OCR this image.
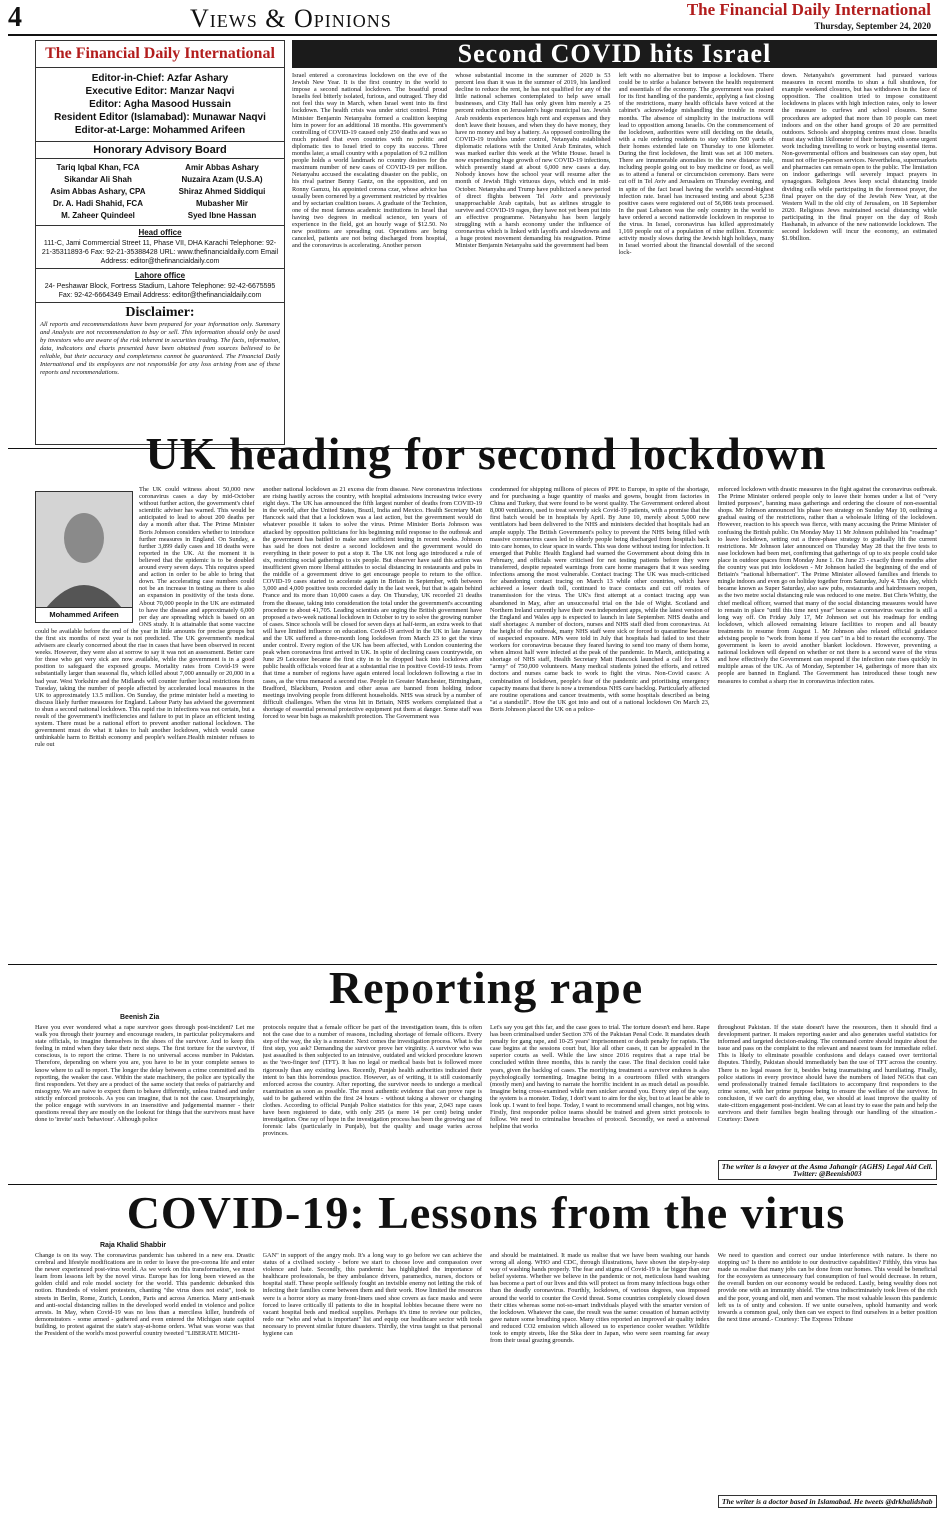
4	Views & Opinions	The Financial Daily International
Thursday, September 24, 2020
The Financial Daily International
Editor-in-Chief: Azfar Ashary
Executive Editor: Manzar Naqvi
Editor: Agha Masood Hussain
Resident Editor (Islamabad): Munawar Naqvi
Editor-at-Large: Mohammed Arifeen
Honorary Advisory Board
Tariq Iqbal Khan, FCA	Amir Abbas Ashary
Sikandar Ali Shah	Nuzaira Azam (U.S.A)
Asim Abbas Ashary, CPA	Shiraz Ahmed Siddiqui
Dr. A. Hadi Shahid, FCA	Mubasher Mir
M. Zaheer Quindeel	Syed Ibne Hassan
Head office
111-C, Jami Commercial Street 11, Phase VII, DHA Karachi Telephone: 92-21-35311893-6 Fax: 92-21-35388428 URL: www.thefinancialdaily.com Email Address: editor@thefinancialdaily.com
Lahore office
24- Peshawar Block, Fortress Stadium, Lahore Telephone: 92-42-6675595 Fax: 92-42-6664349 Email Address: editor@thefinancialdaily.com
Disclaimer:
All reports and recommendations have been prepared for your information only. Summary and Analysis are not recommendation to buy or sell. This information should only be used by investors who are aware of the risk inherent in securities trading. The facts, information, data, indicators and charts presented have been obtained from sources believed to be reliable, but their accuracy and completeness cannot be guaranteed. The Financial Daily International and its employees are not responsible for any loss arising from use of these reports and recommendations.
Second COVID hits Israel
Israel entered a coronavirus lockdown on the eve of the Jewish New Year. It is the first country in the world to impose a second national lockdown. The boastful proud Israelis feel bitterly isolated, furious, and outraged. They did not feel this way in March, when Israel went into its first lockdown. The health crisis was under strict control. Prime Minister Benjamin Netanyahu formed a coalition keeping him in power for an additional 18 months. His government's controlling of COVID-19 caused only 250 deaths and was so much praised that even countries with no politic and diplomatic ties to Israel tried to copy its success. Three months later, a small country with a population of 9.2 million people holds a world landmark no country desires for the maximum number of new cases of COVID-19 per million. Netanyahu accused the escalating disaster on the public, on his rival partner Benny Gantz, on the opposition, and on Ronny Gamzu, his appointed corona czar, whose advice has usually been cornered by a government restricted by rivalries and by sectarian coalition issues. A graduate of the Technion, one of the most famous academic institutions in Israel that having two degrees in medical science, ten years of experience in the field, got an hourly wage of $12.50. No new positions are spreading out. Operations are being canceled, patients are not being discharged from hospital, and the coronavirus is accelerating. Another person
whose substantial income in the summer of 2020 is 53 percent less than it was in the summer of 2019, his landlord decline to reduce the rent, he has not qualified for any of the little national schemes contemplated to help save small businesses, and City Hall has only given him merely a 25 percent reduction on Jerusalem's huge municipal tax. Jewish Arab residents experiences high rent and expenses and they don't leave their houses, and when they do have money, they have no money and buy a battery. As opposed controlling the COVID-19 troubles under control, Netanyahu established diplomatic relations with the United Arab Emirates, which was marked earlier this week at the White House. Israel is now experiencing huge growth of new COVID-19 infections, which presently stand at about 6,000 new cases a day. Nobody knows how the school year will resume after the month of Jewish High virtuous days, which end in mid-October. Netanyahu and Trump have publicized a new period of direct flights between Tel Aviv and previously unapproachable Arab capitals, but as airlines struggle to survive and COVID-19 rages, they have not yet been put into an effective programme. Netanyahu has been largely struggling with a harsh economy under the influence of coronavirus which is linked with layoffs and slowdowns and a huge protest movement demanding his resignation. Prime Minister Benjamin Netanyahu said the government had been
left with no alternative but to impose a lockdown. There could be to strike a balance between the health requirement and essentials of the economy. The government was praised for its first handling of the pandemic, applying a fast closing of the restrictions, many health officials have voiced at the cabinet's acknowledge mishandling the trouble in recent months. The absence of simplicity in the instructions will lead to opposition among Israelis. On the commencement of the lockdown, authorities were still deciding on the details, with a rule ordering residents to stay within 500 yards of their homes extended late on Thursday to one kilometer. During the first lockdown, the limit was set at 100 meters. There are innumerable anomalies to the new distance rule, including people going out to buy medicine or food, as well as to attend a funeral or circumcision ceremony. Bars were cut off in Tel Aviv and Jerusalem on Thursday evening, and in spite of the fact Israel having the world's second-highest infection rate. Israel has increased testing and about 5,238 positive cases were registered out of 56,986 tests processed. In the past Lebanon was the only country in the world to have ordered a second nationwide lockdown in response to the virus. In Israel, coronavirus has killed approximately 1,169 people out of a population of nine million. Economic activity mostly slows during the Jewish high holidays, many in Israel worried about the financial downfall of the second lock-
down. Netanyahu's government had pursued various measures in recent months to shun a full shutdown, for example weekend closures, but has withdrawn in the face of opposition. The coalition tried to impose constituent lockdowns in places with high infection rates, only to lower the measure to curfews and school closures. Some procedures are adopted that more than 10 people can meet indoors and on the other hand groups of 20 are permitted outdoors. Schools and shopping centres must close. Israelis must stay within 1kilometer of their homes, with some urgent work including travelling to work or buying essential items. Non-governmental offices and businesses can stay open, but must not offer in-person services. Nevertheless, supermarkets and pharmacies can remain open to the public. The limitation on indoor gatherings will severely impact prayers in synagogues. Religious Jews keep social distancing inside dividing cells while participating in the foremost prayer, the final prayer on the day of the Jewish New Year, at the Western Wall in the old city of Jerusalem, on 18 September 2020. Religious Jews maintained social distancing while participating in the final prayer on the day of Rosh Hashanah, in advance of the new nationwide lockdown. The second lockdown will incur the economy, an estimated $1.9billion.
UK heading for second lockdown
Mohammed Arifeen
The UK could witness about 50,000 new coronavirus cases a day by mid-October without further action, the government's chief scientific adviser has warned. This would be anticipated to lead to about 200 deaths per day a month after that. The Prime Minister Boris Johnson considers whether to introduce further measures in England. On Sunday, a further 3,899 daily cases and 18 deaths were reported in the UK. At the moment it is believed that the epidemic is to be doubled around every seven days. This requires speed and action in order to be able to bring that down. The accelerating case numbers could not be an increase in testing as there is also an expansion in positivity of the tests done. About 70,000 people in the UK are estimated to have the disease and approximately 6,000 per day are spreading which is based on an ONS study. It is attainable that some vaccine could be available before the end of the year in little amounts for precise groups but the first six months of next year is not predicted. The UK government's medical advisers are clearly concerned about the rise in cases that have been observed in recent weeks. However, they were also at sorrow to say it was not an assessment. Better care for those who get very sick are now available, while the government is in a good position to safeguard the exposed groups. Mortality rates from Covid-19 were substantially larger than seasonal flu, which killed about 7,000 annually or 20,000 in a bad year. West Yorkshire and the Midlands will counter further local restrictions from Tuesday, taking the number of people affected by accelerated local measures in the UK to approximately 13.5 million. On Sunday, the prime minister held a meeting to discuss likely further measures for England. Labour Party has advised the government to shun a second national lockdown. This rapid rise in infections was not certain, but a result of the government's inefficiencies and failure to put in place an efficient testing system. There must be a national effort to prevent another national lockdown. The government must do what it takes to halt another lockdown, which would cause unthinkable harm to British economy and people's welfare.Health minister refuses to rule out
another national lockdown as 21 excess die from disease. New coronavirus infections are rising hastily across the country, with hospital admissions increasing twice every eight days. The UK has announced the fifth largest number of deaths from COVID-19 in the world, after the United States, Brazil, India and Mexico. Health Secretary Matt Hancock said that that a lockdown was a last action, but the government would do whatever possible it takes to solve the virus. Prime Minister Boris Johnson was attacked by opposition politicians for his beginning mild response to the outbreak and the government has battled to make sure sufficient testing in recent weeks. Johnson has said he does not desire a second lockdown and the government would do everything in their power to put a stop it. The UK not long ago introduced a rule of six, restricting social gatherings to six people. But observer have said this action was insufficient given more liberal attitudes to social distancing in restaurants and pubs in the middle of a government drive to get encourage people to return to the office. COVID-19 cases started to accelerate again in Britain in September, with between 3,000 and 4,000 positive tests recorded daily in the last week, but that is again behind France and its more than 10,000 cases a day. On Thursday, UK recorded 21 deaths from the disease, taking into consideration the total under the government's accounting procedure to about 41,705. Leading scientists are urging the British government have proposed a two-week national lockdown in October to try to solve the growing number of cases. Since schools will be closed for seven days at half-term, an extra week to that will have limited influence on education. Covid-19 arrived in the UK in late January and the UK suffered a three-month long lockdown from March 23 to get the virus under control. Every region of the UK has been affected, with London countering the peak when coronavirus first arrived in UK. In spite of declining cases countrywide, on June 29 Leicester became the first city in to be dropped back into lockdown after public health officials voiced fear at a substantial rise in positive Covid-19 tests. From that time a number of regions have again entered local lockdown following a rise in cases, as the virus menaced a second rise. People in Greater Manchester, Birmingham, Bradford, Blackburn, Preston and other areas are banned from holding indoor meetings involving people from different households. NHS was struck by a number of difficult challenges. When the virus hit in Britain, NHS workers complained that a shortage of essential personal protective equipment put them at danger. Some staff was forced to wear bin bags as makeshift protection. The Government was
condemned for shipping millions of pieces of PPE to Europe, in spite of the shortage, and for purchasing a huge quantity of masks and gowns, bought from factories in China and Turkey, that were found to be worst quality. The Government ordered about 8,000 ventilators, used to treat severely sick Covid-19 patients, with a promise that the first batch would be in hospitals by April. By June 10, merely about 5,000 new ventilators had been delivered to the NHS and ministers decided that hospitals had an ample supply. The British Government's policy to prevent the NHS being filled with massive coronavirus cases led to elderly people being discharged from hospitals back into care homes, to clear space in wards. This was done without testing for infection. It emerged that Public Health England had warned the Government about doing this in February, and officials were criticised for not testing patients before they were transferred, despite repeated warnings from care home managers that it was seeding infections among the most vulnerable. Contact tracing: The UK was much-criticised for abandoning contact tracing on March 13 while other countries, which have achieved a lower death toll, continued to trace contacts and cut off routes of transmission for the virus. The UK's first attempt at a contact tracing app was abandoned in May, after an unsuccessful trial on the Isle of Wight. Scotland and Northern Ireland currently have their own independent apps, while the latest version of the England and Wales app is expected to launch in late September. NHS deaths and staff shortages: A number of doctors, nurses and NHS staff died from coronavirus. At the height of the outbreak, many NHS staff were sick or forced to quarantine because of suspected exposure. MPs were told in July that hospitals had failed to test their workers for coronavirus because they feared having to send too many of them home, when almost half were infected at the peak of the pandemic. In March, anticipating a shortage of NHS staff, Health Secretary Matt Hancock launched a call for a UK "army" of 750,000 volunteers. Many medical students joined the efforts, and retired doctors and nurses came back to work to fight the virus. Non-Covid cases: A combination of lockdown, people's fear of the pandemic and prioritising emergency capacity means that there is now a tremendous NHS care backlog. Particularly affected are routine operations and cancer treatments, with some hospitals described as being "at a standstill". How the UK got into and out of a national lockdown On March 23, Boris Johnson placed the UK on a police-
enforced lockdown with drastic measures in the fight against the coronavirus outbreak. The Prime Minister ordered people only to leave their homes under a list of "very limited purposes", banning mass gatherings and ordering the closure of non-essential shops. Mr Johnson announced his phase two strategy on Sunday May 10, outlining a gradual easing of the restrictions, rather than a wholesale lifting of the lockdown. However, reaction to his speech was fierce, with many accusing the Prime Minister of confusing the British public. On Monday May 11 Mr Johnson published his "roadmap" to leave lockdown, setting out a three-phase strategy to gradually lift the current restrictions. Mr Johnson later announced on Thursday May 28 that the five tests to ease lockdown had been met, confirming that gatherings of up to six people could take place in outdoor spaces from Monday June 1. On June 23 - exactly three months after the country was put into lockdown - Mr Johnson hailed the beginning of the end of Britain's "national hibernation". The Prime Minister allowed families and friends to mingle indoors and even go on holiday together from Saturday, July 4. This day, which became known as Super Saturday, also saw pubs, restaurants and hairdressers reopen, as the two metre social distancing rule was reduced to one metre. But Chris Whitty, the chief medical officer, warned that many of the social distancing measures would have to remain in place "until this time next year" because a coronavirus vaccine is still a long way off. On Friday July 17, Mr Johnson set out his roadmap for ending lockdown, which allowed remaining leisure facilities to reopen and all beauty treatments to resume from August 1. Mr Johnson also relaxed official guidance advising people to "work from home if you can" in a bid to restart the economy. The government is keen to avoid another blanket lockdown. However, preventing a national lockdown will depend on whether or not there is a second wave of the virus and how effectively the Government can respond if the infection rate rises quickly in multiple areas of the UK. As of Monday, September 14, gatherings of more than six people are banned in England. The Government has introduced these tough new measures to combat a sharp rise in coronavirus infection rates.
Reporting rape
Beenish Zia
Have you ever wondered what a rape survivor goes through post-incident? Let me walk you through their journey and encourage readers, in particular policymakers and state officials, to imagine themselves in the shoes of the survivor. And to keep this feeling in mind when they take their next steps. The first torture for the survivor, if conscious, is to report the crime. There is no universal access number in Pakistan. Therefore, depending on where you are, you have to be in your complete senses to know where to call to report. The longer the delay between a crime committed and its reporting, the weaker the case. Within the state machinery, the police are typically the first responders. Yet they are a product of the same society that reeks of patriarchy and misogyny. We are naive to expect them to behave differently, unless trained and under strictly enforced protocols. As you can imagine, that is not the case. Unsurprisingly, the police engage with survivors in an insensitive and judgemental manner - their questions reveal they are mostly on the lookout for things that the survivors must have done to 'invite' such 'behaviour'. Although police
protocols require that a female officer be part of the investigation team, this is often not the case due to a number of reasons, including shortage of female officers. Every step of the way, the sky is a monster. Next comes the investigation process. What is the first step, you ask? Demanding the survivor prove her virginity. A survivor who was just assaulted is then subjected to an intrusive, outdated and wicked procedure known as the 'two-finger test' (TFT). It has no legal or medical basis but is followed more rigorously than any existing laws. Recently, Punjab health authorities indicated their intent to ban this horrendous practice. However, as of writing, it is still customarily enforced across the country. After reporting, the survivor needs to undergo a medical examination as soon as possible. The most authentic evidence that can prove rape is said to be gathered within the first 24 hours - without taking a shower or changing clothes. According to official Punjab Police statistics for this year, 2,043 rape cases have been registered to date, with only 295 (a mere 14 per cent) being under investigation. One ray of hope in the investigation process has been the growing use of forensic labs (particularly in Punjab), but the quality and usage varies across provinces.
Let's say you get this far, and the case goes to trial. The torture doesn't end here. Rape has been criminalised under Section 376 of the Pakistan Penal Code. It mandates death penalty for gang rape, and 10-25 years' imprisonment or death penalty for rapists. The case begins at the sessions court but, like all other cases, it can be appealed in the superior courts as well. While the law since 2016 requires that a rape trial be concluded within three months, this is rarely the case. The final decision could take years, given the backlog of cases. The mortifying treatment a survivor endures is also psychologically tormenting. Imagine being in a courtroom filled with strangers (mostly men) and having to narrate the horrific incident in as much detail as possible. Imagine being cross-examined while men snicker around you. Every step of the way, the system is a monster. Today, I don't want to aim for the sky, but to at least be able to look up. I want to feel hope. Today, I want to recommend small changes, not big wins. Firstly, first responder police teams should be trained and given strict protocols to follow. We need to criminalise breaches of protocol. Secondly, we need a universal helpline that works
throughout Pakistan. If the state doesn't have the resources, then it should find a development partner. It makes reporting easier and also generates useful statistics for informed and targeted decision-making. The command centre should inquire about the issue and pass on the complaint to the relevant and nearest team for immediate relief. This is likely to eliminate possible confusions and delays caused over territorial disputes. Thirdly, Pakistan should immediately ban the use of TFT across the country. There is no legal reason for it, besides being traumatising and humiliating. Finally, police stations in every province should have the numbers of listed NGOs that can send professionally trained female facilitators to accompany first responders to the crime scene, with her prime purpose being to ensure the welfare of the survivor. In conclusion, if we can't do anything else, we should at least improve the quality of state-citizen engagement post-incident. We can at least try to ease the pain and help the survivors and their families begin healing through our handling of the situation.-Courtesy: Dawn
The writer is a lawyer at the Asma Jahangir (AGHS) Legal Aid Cell. Twitter: @Beenish003
COVID-19: Lessons from the virus
Raja Khalid Shabbir
Change is on its way. The coronavirus pandemic has ushered in a new era. Drastic cerebral and lifestyle modifications are in order to leave the pre-corona life and enter the newer experienced post-virus world. As we work on this transformation, we must learn from lessons left by the novel virus. Europe has for long been viewed as the golden child and role model society for the world. This pandemic debunked this notion. Hundreds of violent protesters, chanting "the virus does not exist", took to streets in Berlin, Rome, Zurich, London, Paris and across America. Many anti-mask and anti-social distancing rallies in the developed world ended in violence and police arrests. In May, when Covid-19 was no less than a merciless killer, hundreds of demonstrators - some armed - gathered and even entered the Michigan state capitol building, to protest against the state's stay-at-home orders. What was worse was that the President of the world's most powerful country tweeted "LIBERATE MICHI-
GAN" in support of the angry mob. It's a long way to go before we can achieve the status of a civilised society - before we start to choose love and compassion over violence and hate. Secondly, this pandemic has highlighted the importance of healthcare professionals, be they ambulance drivers, paramedics, nurses, doctors or hospital staff. These people selflessly fought an invisible enemy not letting the risk of infecting their families come between them and their work. How limited the resources were is a horror story as many front-liners used shoe covers as face masks and were forced to leave critically ill patients to die in hospital lobbies because there were no vacant hospital beds and medical supplies. Perhaps it's time to review our policies, redo our "who and what is important" list and equip our healthcare sector with tools necessary to prevent similar future disasters. Thirdly, the virus taught us that personal hygiene can
and should be maintained. It made us realise that we have been washing our hands wrong all along. WHO and CDC, through illustrations, have shown the step-by-step way of washing hands properly. The fear and stigma of Covid-19 is far bigger than our belief systems. Whether we believe in the pandemic or not, meticulous hand washing has become a part of our lives and this will protect us from many infectious bugs other than the deadly coronavirus. Fourthly, lockdown, of various degrees, was imposed around the world to counter the Covid threat. Some countries completely closed down their cities whereas some not-so-smart individuals played with the smarter version of the lockdown. Whatever the case, the result was the same: cessation of human activity gave nature some breathing space. Many cities reported an improved air quality index and reduced CO2 emission which allowed us to experience cooler weather. Wildlife took to empty streets, like the Sika deer in Japan, who were seen roaming far away from their usual grazing grounds.
We need to question and correct our undue interference with nature. Is there no stopping us? Is there no antidote to our destructive capabilities? Fifthly, this virus has made us realise that many jobs can be done from our homes. This would be beneficial for the ecosystem as unnecessary fuel consumption of fuel would decrease. In return, the overall burden on our economy would be reduced. Lastly, being wealthy does not provide one with an immunity shield. The virus indiscriminately took lives of the rich and the poor, young and old, men and women. The most valuable lesson this pandemic left us is of unity and cohesion. If we unite ourselves, uphold humanity and work towards a common goal, only then can we expect to find ourselves in a better position the next time around.- Courtesy: The Express Tribune
The writer is a doctor based in Islamabad. He tweets @drkhalidshab
